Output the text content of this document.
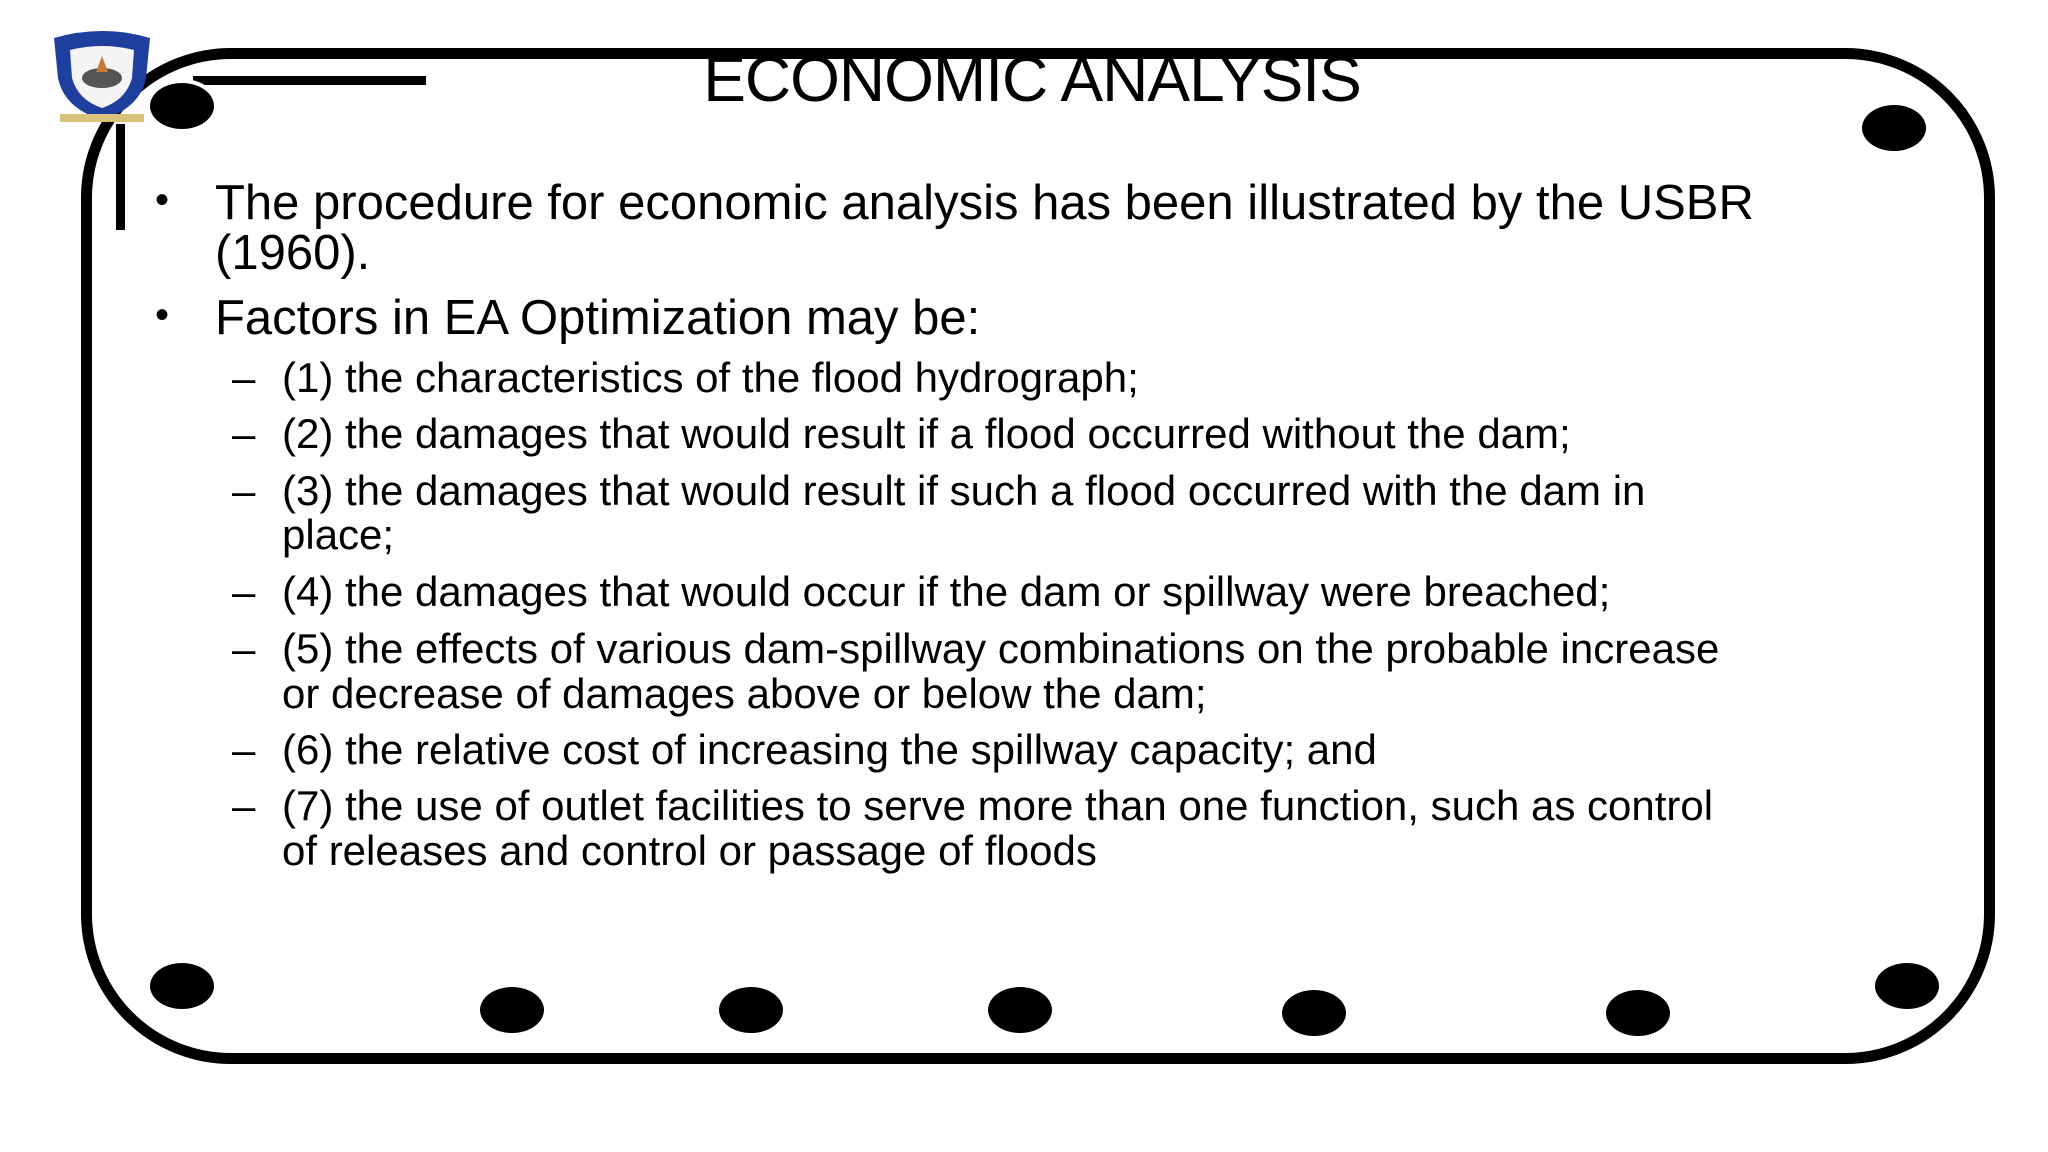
ECONOMIC ANALYSIS
• The procedure for economic analysis has been illustrated by the USBR
(1960).
• Factors in EA Optimization may be:
– (1) the characteristics of the flood hydrograph;
– (2) the damages that would result if a flood occurred without the dam;
– (3) the damages that would result if such a flood occurred with the dam in
place;
– (4) the damages that would occur if the dam or spillway were breached;
– (5) the effects of various dam-spillway combinations on the probable increase
or decrease of damages above or below the dam;
– (6) the relative cost of increasing the spillway capacity; and
– (7) the use of outlet facilities to serve more than one function, such as control
of releases and control or passage of floods
